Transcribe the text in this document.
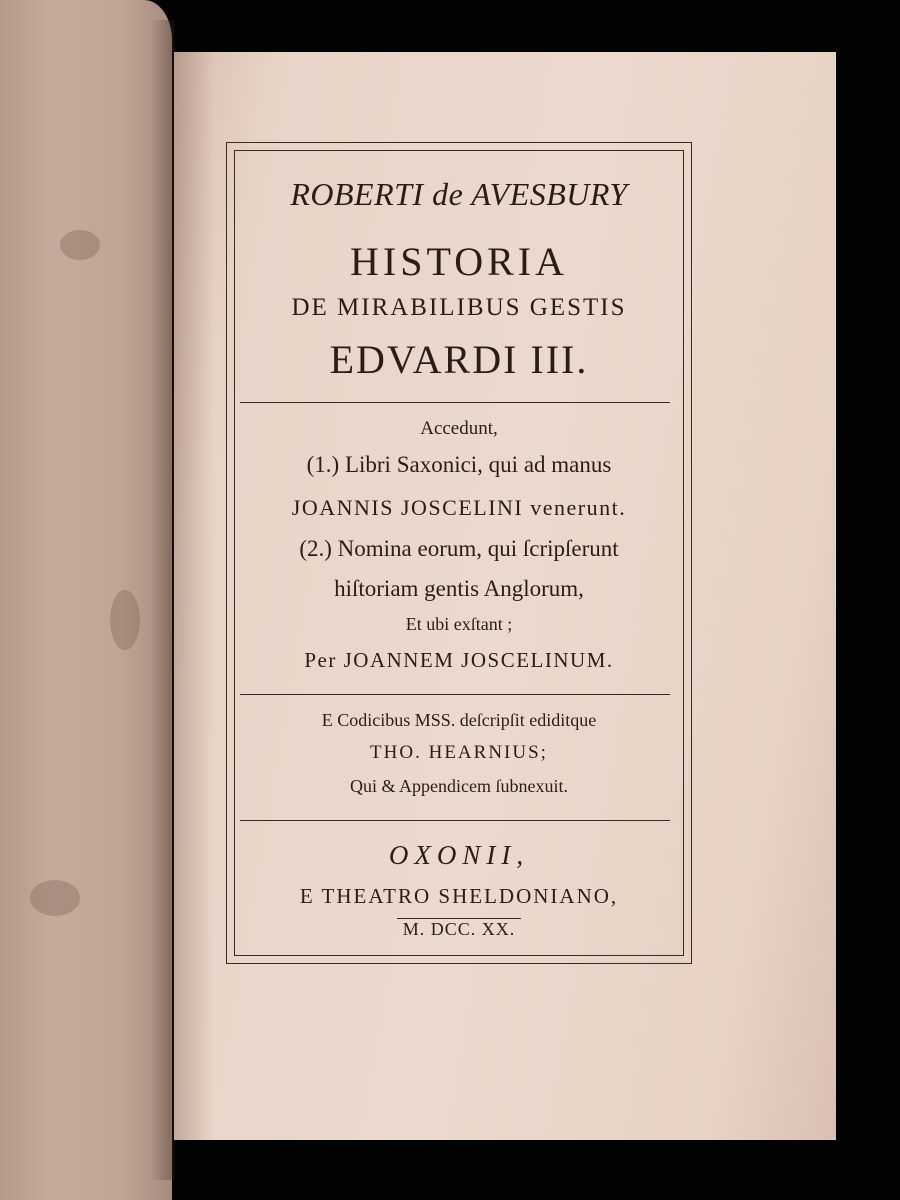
ROBERTI de AVESBURY
HISTORIA
DE MIRABILIBUS GESTIS
EDVARDI III.
Accedunt,
(1.) Libri Saxonici, qui ad manus
JOANNIS JOSCELINI venerunt.
(2.) Nomina eorum, qui ſcripſerunt
hiſtoriam gentis Anglorum,
Et ubi exſtant ;
Per JOANNEM JOSCELINUM.
E Codicibus MSS. deſcripſit ediditque
THO. HEARNIUS;
Qui & Appendicem ſubnexuit.
OXONII,
E THEATRO SHELDONIANO,
M. DCC. XX.
